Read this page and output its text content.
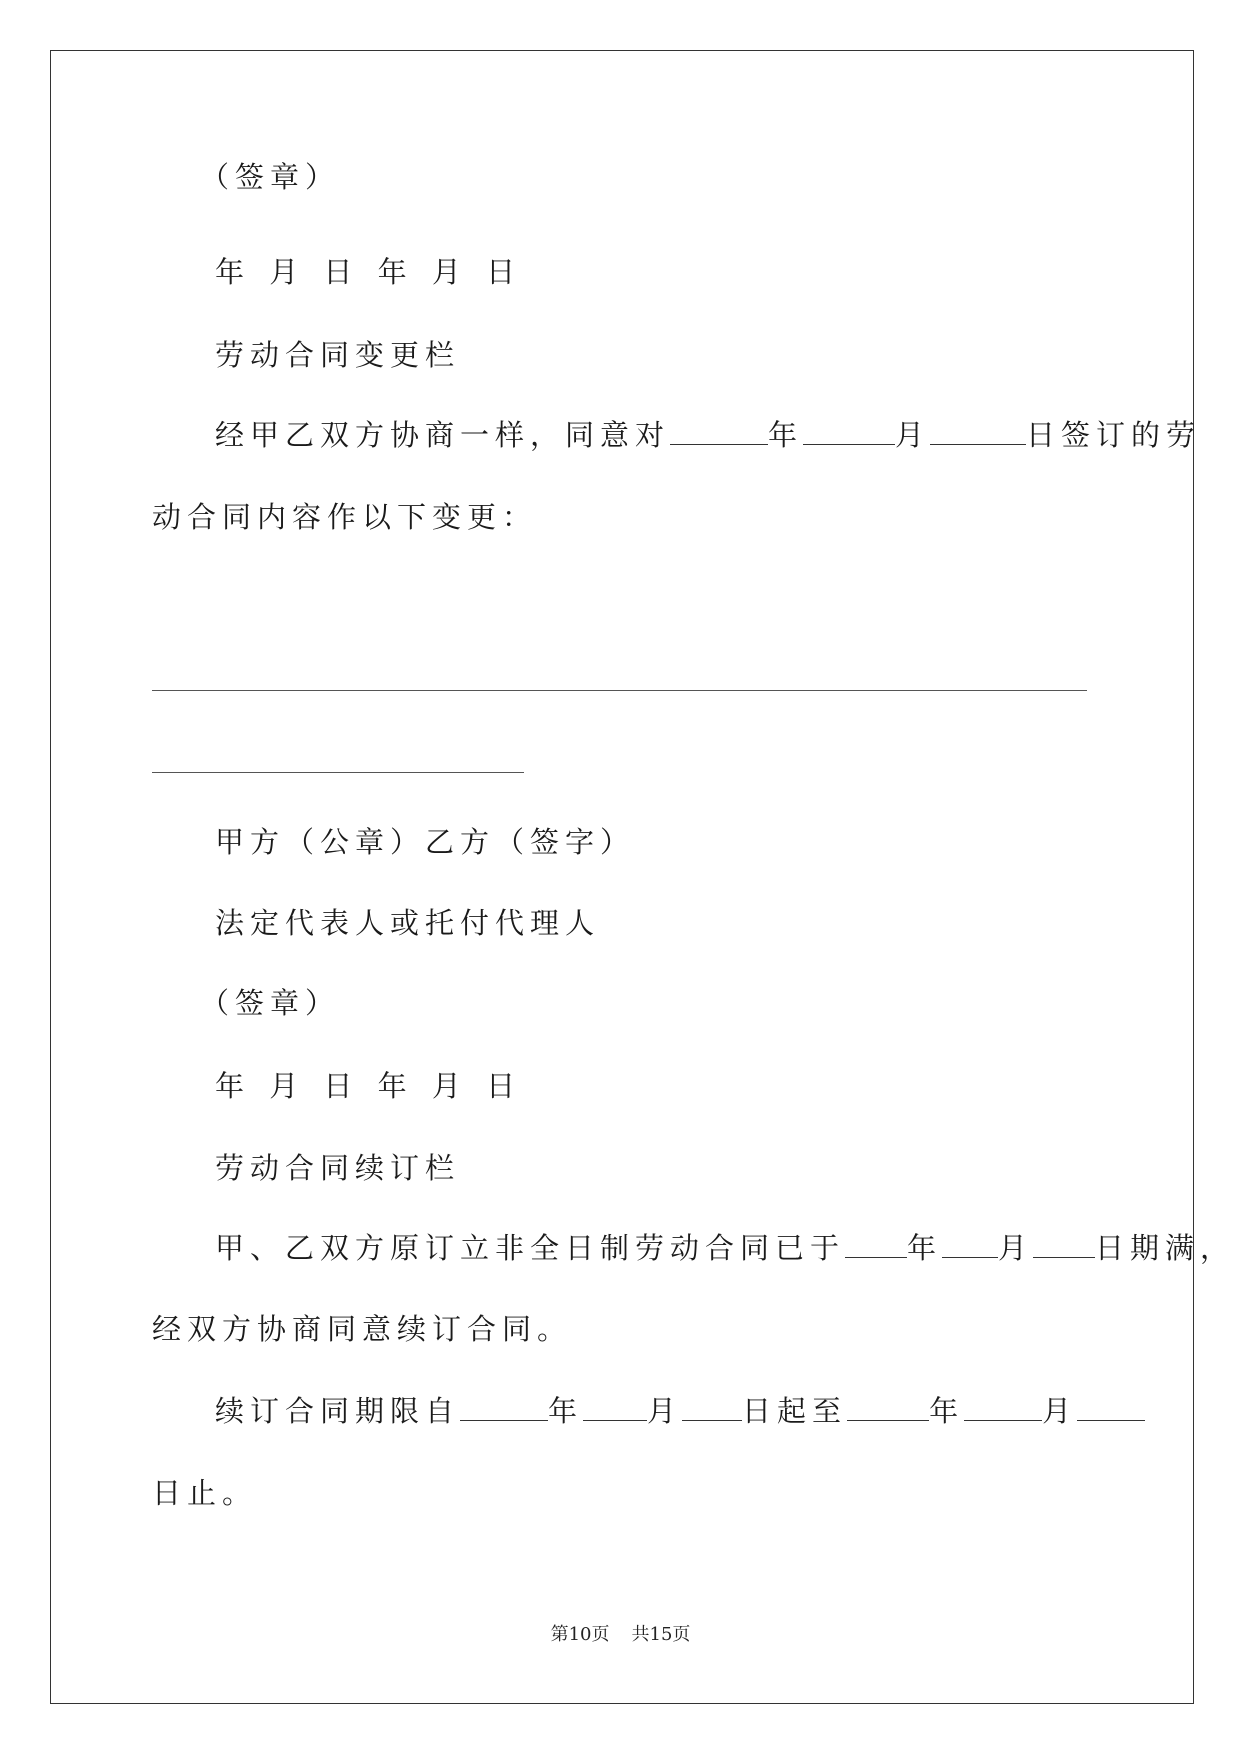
（签章）
年 月 日 年 月 日
劳动合同变更栏
经甲乙双方协商一样，同意对	年	月	日签订的劳
动合同内容作以下变更：
甲方（公章）乙方（签字）
法定代表人或托付代理人
（签章）
年 月 日 年 月 日
劳动合同续订栏
甲、乙双方原订立非全日制劳动合同已于 年 月 日期满，
经双方协商同意续订合同。
续订合同期限自	年 月 日起至	年	月
日止。
第10页 共15页
